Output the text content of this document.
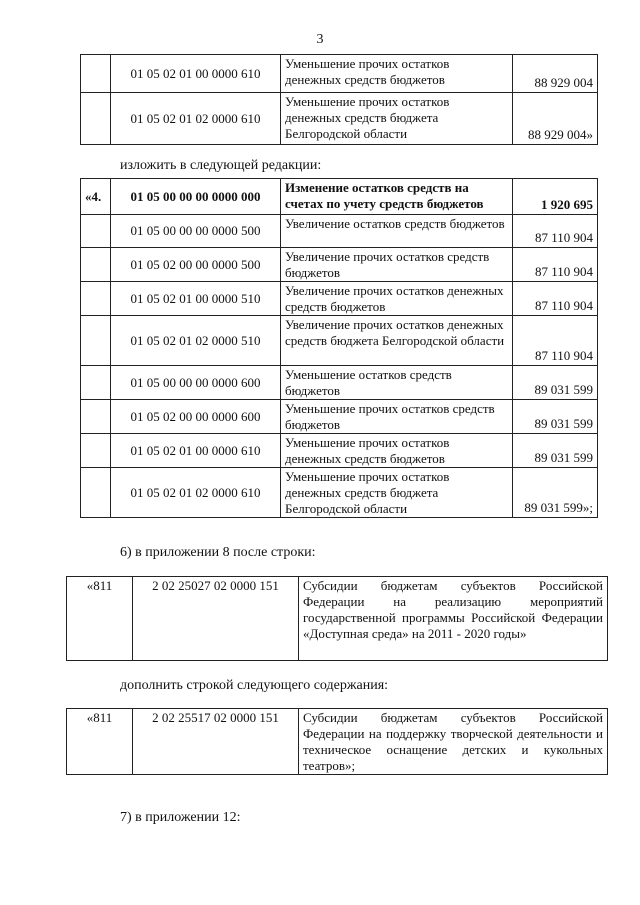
3
	01 05 02 01 00 0000 610	Уменьшение прочих остатков денежных средств бюджетов	88 929 004
	01 05 02 01 02 0000 610	Уменьшение прочих остатков денежных средств бюджета Белгородской области	88 929 004»

изложить в следующей редакции:

«4.	01 05 00 00 00 0000 000	Изменение остатков средств на счетах по учету средств бюджетов	1 920 695
	01 05 00 00 00 0000 500	Увеличение остатков средств бюджетов	87 110 904
	01 05 02 00 00 0000 500	Увеличение прочих остатков средств бюджетов	87 110 904
	01 05 02 01 00 0000 510	Увеличение прочих остатков денежных средств бюджетов	87 110 904
	01 05 02 01 02 0000 510	Увеличение прочих остатков денежных средств бюджета Белгородской области	87 110 904
	01 05 00 00 00 0000 600	Уменьшение остатков средств бюджетов	89 031 599
	01 05 02 00 00 0000 600	Уменьшение прочих остатков средств бюджетов	89 031 599
	01 05 02 01 00 0000 610	Уменьшение прочих остатков денежных средств бюджетов	89 031 599
	01 05 02 01 02 0000 610	Уменьшение прочих остатков денежных средств бюджета Белгородской области	89 031 599»;

6) в приложении 8 после строки:

«811	2 02 25027 02 0000 151	Субсидии бюджетам субъектов Российской Федерации на реализацию мероприятий государственной программы Российской Федерации «Доступная среда» на 2011 - 2020 годы»

дополнить строкой следующего содержания:

«811	2 02 25517 02 0000 151	Субсидии бюджетам субъектов Российской Федерации на поддержку творческой деятельности и техническое оснащение детских и кукольных театров»;

7) в приложении 12:
